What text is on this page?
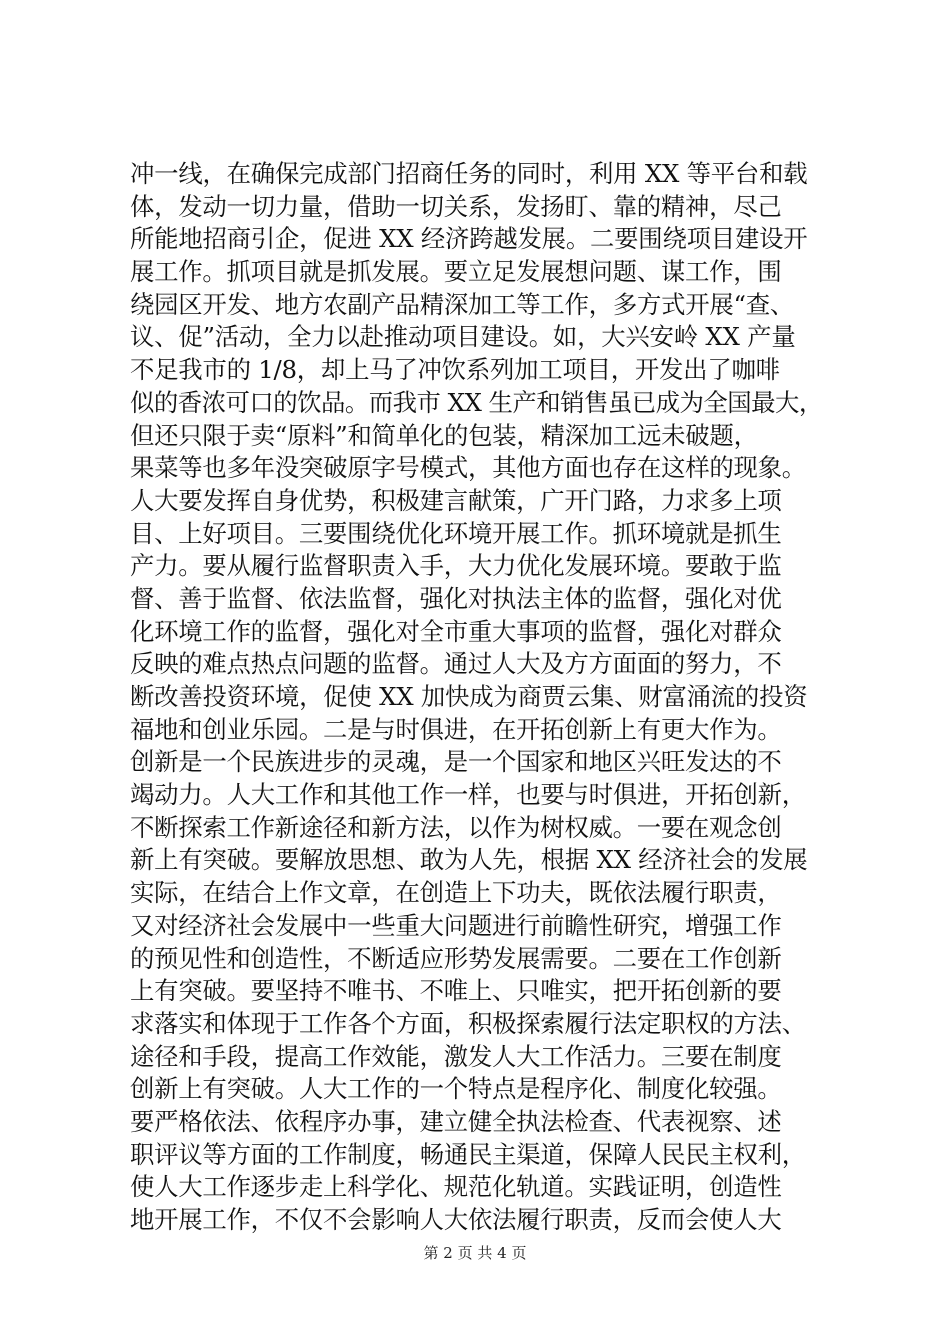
冲一线，在确保完成部门招商任务的同时，利用 XX 等平台和载
体，发动一切力量，借助一切关系，发扬盯、靠的精神，尽己
所能地招商引企，促进 XX 经济跨越发展。二要围绕项目建设开
展工作。抓项目就是抓发展。要立足发展想问题、谋工作，围
绕园区开发、地方农副产品精深加工等工作，多方式开展“查、
议、促”活动，全力以赴推动项目建设。如，大兴安岭 XX 产量
不足我市的 1/8，却上马了冲饮系列加工项目，开发出了咖啡
似的香浓可口的饮品。而我市 XX 生产和销售虽已成为全国最大，
但还只限于卖“原料”和简单化的包装，精深加工远未破题，
果菜等也多年没突破原字号模式，其他方面也存在这样的现象。
人大要发挥自身优势，积极建言献策，广开门路，力求多上项
目、上好项目。三要围绕优化环境开展工作。抓环境就是抓生
产力。要从履行监督职责入手，大力优化发展环境。要敢于监
督、善于监督、依法监督，强化对执法主体的监督，强化对优
化环境工作的监督，强化对全市重大事项的监督，强化对群众
反映的难点热点问题的监督。通过人大及方方面面的努力，不
断改善投资环境，促使 XX 加快成为商贾云集、财富涌流的投资
福地和创业乐园。二是与时俱进，在开拓创新上有更大作为。
创新是一个民族进步的灵魂，是一个国家和地区兴旺发达的不
竭动力。人大工作和其他工作一样，也要与时俱进，开拓创新，
不断探索工作新途径和新方法，以作为树权威。一要在观念创
新上有突破。要解放思想、敢为人先，根据 XX 经济社会的发展
实际，在结合上作文章，在创造上下功夫，既依法履行职责，
又对经济社会发展中一些重大问题进行前瞻性研究，增强工作
的预见性和创造性，不断适应形势发展需要。二要在工作创新
上有突破。要坚持不唯书、不唯上、只唯实，把开拓创新的要
求落实和体现于工作各个方面，积极探索履行法定职权的方法、
途径和手段，提高工作效能，激发人大工作活力。三要在制度
创新上有突破。人大工作的一个特点是程序化、制度化较强。
要严格依法、依程序办事，建立健全执法检查、代表视察、述
职评议等方面的工作制度，畅通民主渠道，保障人民民主权利，
使人大工作逐步走上科学化、规范化轨道。实践证明，创造性
地开展工作，不仅不会影响人大依法履行职责，反而会使人大
第 2 页 共 4 页
